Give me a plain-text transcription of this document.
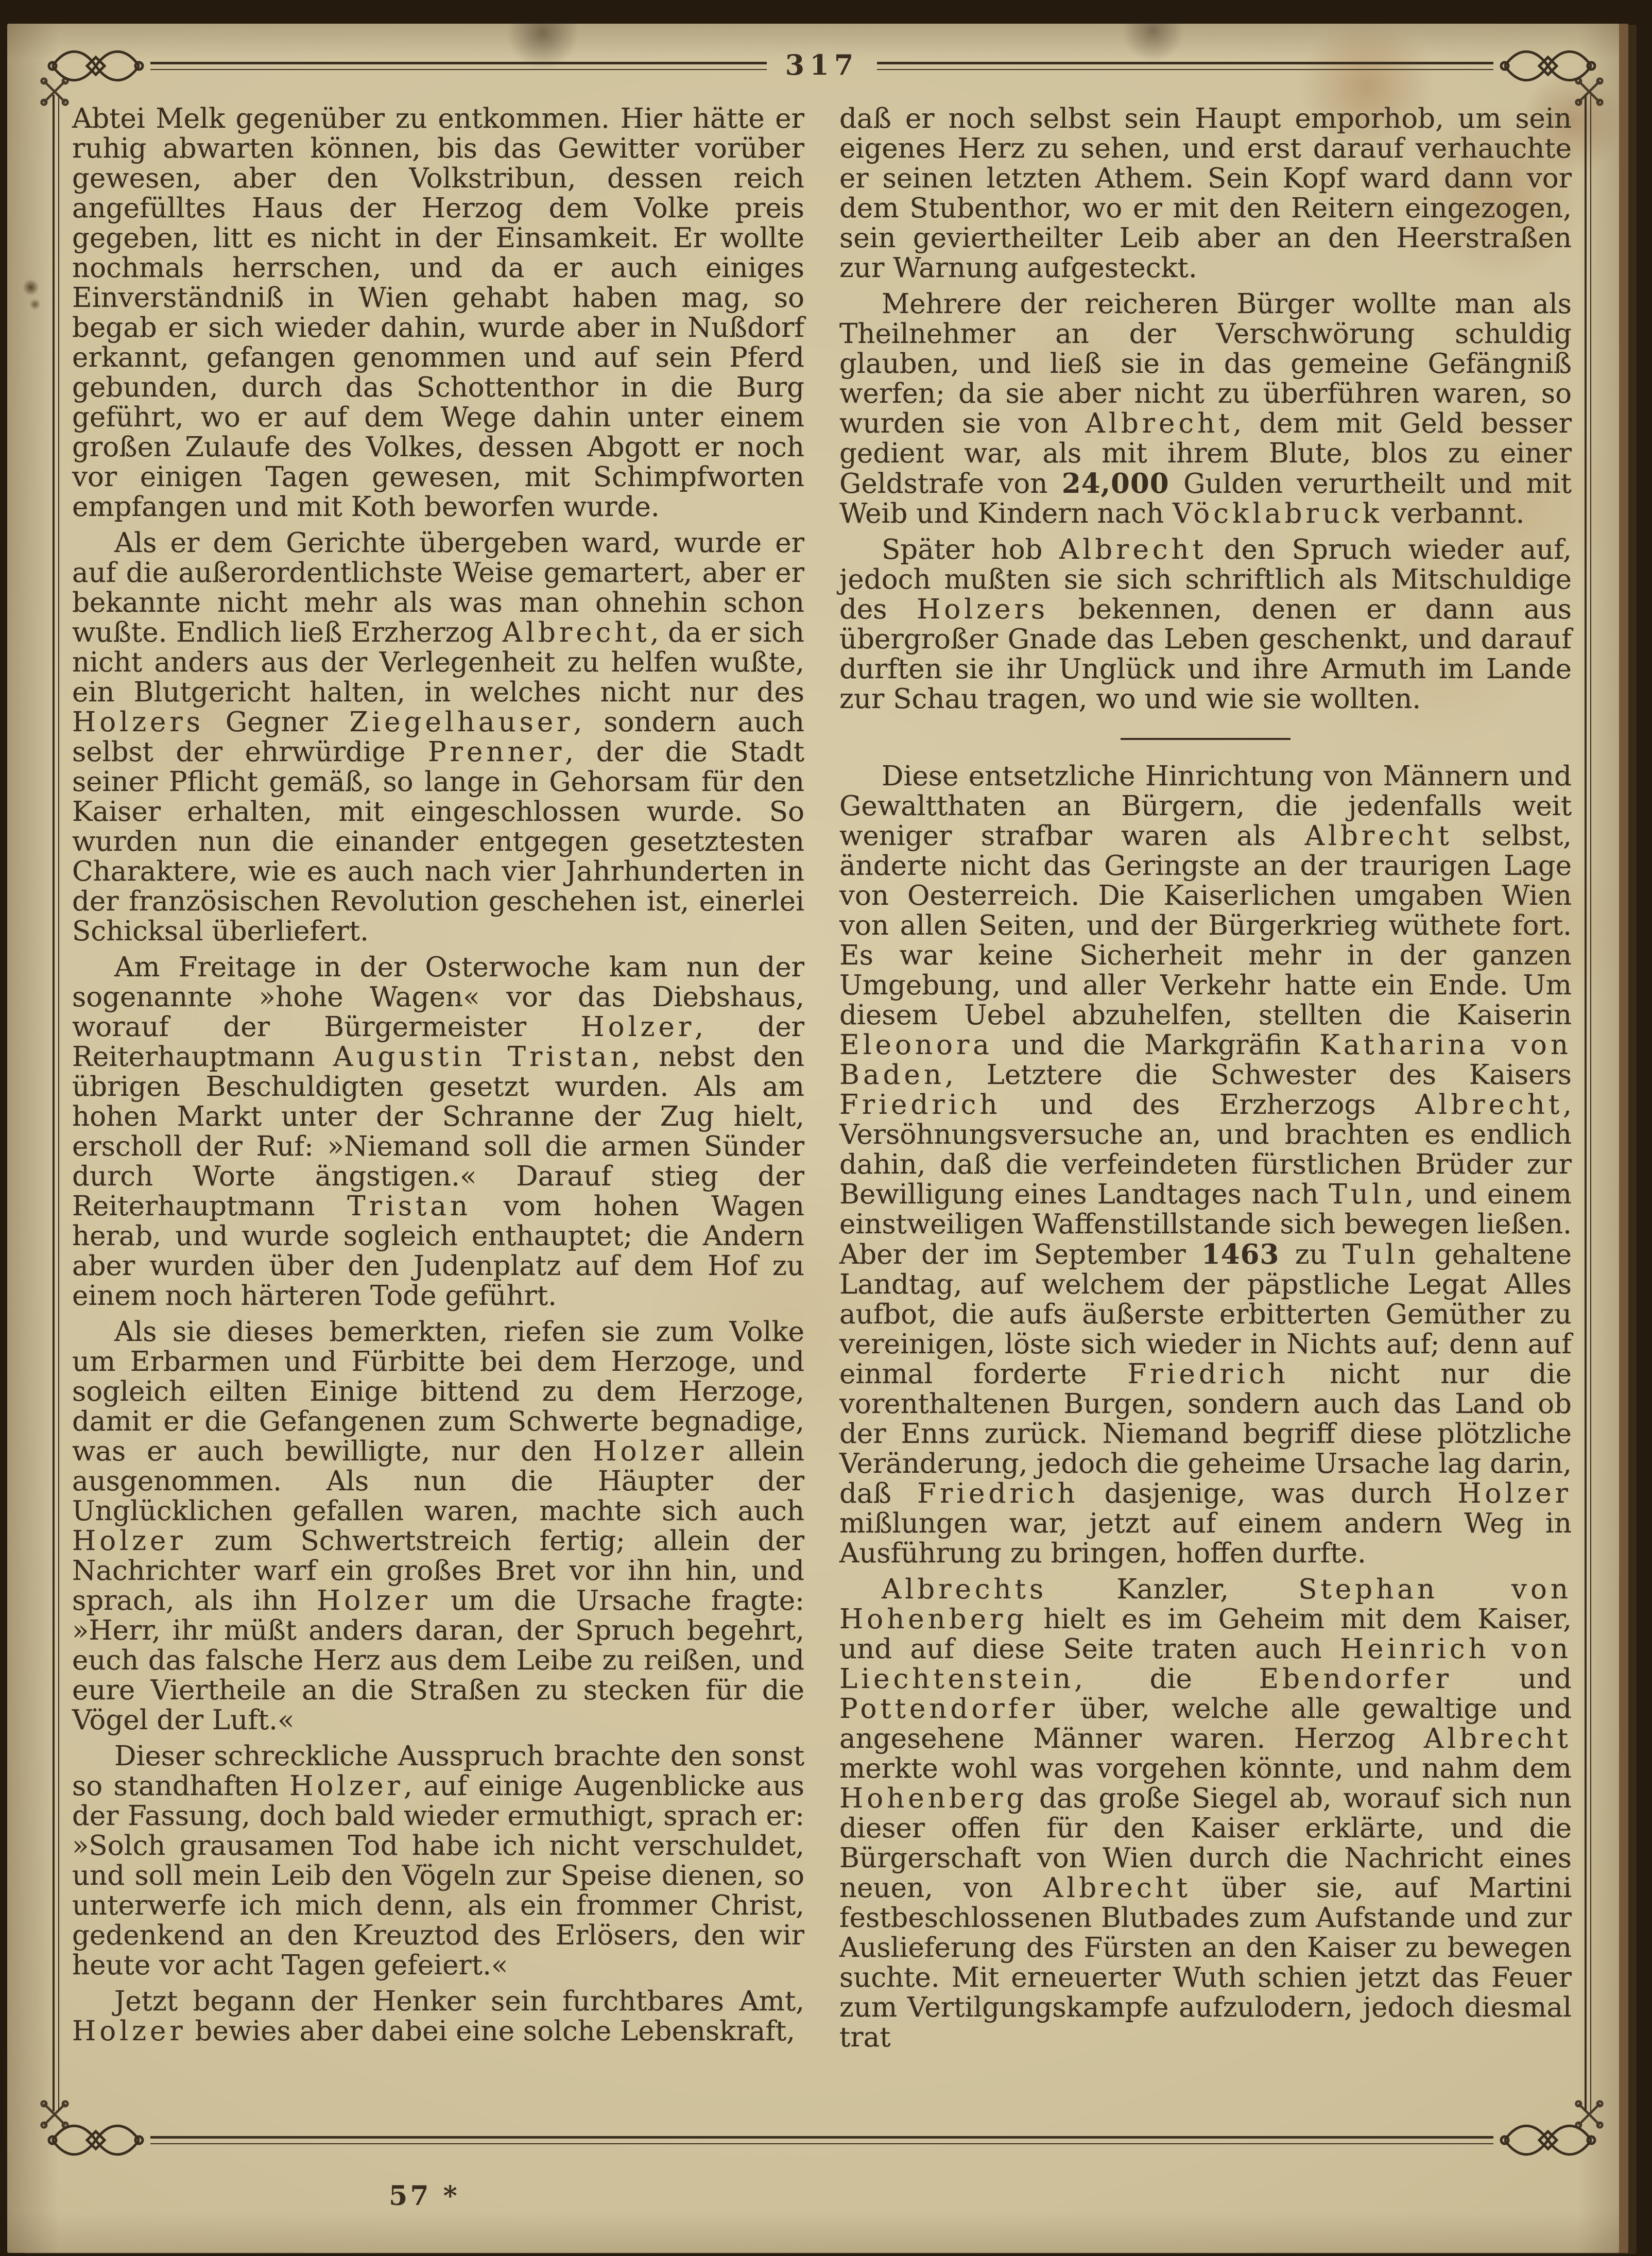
317

Abtei Melk gegenüber zu entkommen. Hier hätte er ruhig abwarten können, bis das Gewitter vorüber gewesen, aber den Volkstribun, dessen reich angefülltes Haus der Herzog dem Volke preis gegeben, litt es nicht in der Einsamkeit. Er wollte nochmals herrschen, und da er auch einiges Einverständniß in Wien gehabt haben mag, so begab er sich wieder dahin, wurde aber in Nußdorf erkannt, gefangen genommen und auf sein Pferd gebunden, durch das Schottenthor in die Burg geführt, wo er auf dem Wege dahin unter einem großen Zulaufe des Volkes, dessen Abgott er noch vor einigen Tagen gewesen, mit Schimpfworten empfangen und mit Koth beworfen wurde.

Als er dem Gerichte übergeben ward, wurde er auf die außerordentlichste Weise gemartert, aber er bekannte nicht mehr als was man ohnehin schon wußte. Endlich ließ Erzherzog Albrecht, da er sich nicht anders aus der Verlegenheit zu helfen wußte, ein Blutgericht halten, in welches nicht nur des Holzers Gegner Ziegelhauser, sondern auch selbst der ehrwürdige Prenner, der die Stadt seiner Pflicht gemäß, so lange in Gehorsam für den Kaiser erhalten, mit eingeschlossen wurde. So wurden nun die einander entgegen gesetztesten Charaktere, wie es auch nach vier Jahrhunderten in der französischen Revolution geschehen ist, einerlei Schicksal überliefert.

Am Freitage in der Osterwoche kam nun der sogenannte »hohe Wagen« vor das Diebshaus, worauf der Bürgermeister Holzer, der Reiterhauptmann Augustin Tristan, nebst den übrigen Beschuldigten gesetzt wurden. Als am hohen Markt unter der Schranne der Zug hielt, erscholl der Ruf: »Niemand soll die armen Sünder durch Worte ängstigen.« Darauf stieg der Reiterhauptmann Tristan vom hohen Wagen herab, und wurde sogleich enthauptet; die Andern aber wurden über den Judenplatz auf dem Hof zu einem noch härteren Tode geführt.

Als sie dieses bemerkten, riefen sie zum Volke um Erbarmen und Fürbitte bei dem Herzoge, und sogleich eilten Einige bittend zu dem Herzoge, damit er die Gefangenen zum Schwerte begnadige, was er auch bewilligte, nur den Holzer allein ausgenommen. Als nun die Häupter der Unglücklichen gefallen waren, machte sich auch Holzer zum Schwertstreich fertig; allein der Nachrichter warf ein großes Bret vor ihn hin, und sprach, als ihn Holzer um die Ursache fragte: »Herr, ihr müßt anders daran, der Spruch begehrt, euch das falsche Herz aus dem Leibe zu reißen, und eure Viertheile an die Straßen zu stecken für die Vögel der Luft.«

Dieser schreckliche Ausspruch brachte den sonst so standhaften Holzer, auf einige Augenblicke aus der Fassung, doch bald wieder ermuthigt, sprach er: »Solch grausamen Tod habe ich nicht verschuldet, und soll mein Leib den Vögeln zur Speise dienen, so unterwerfe ich mich denn, als ein frommer Christ, gedenkend an den Kreuztod des Erlösers, den wir heute vor acht Tagen gefeiert.«

Jetzt begann der Henker sein furchtbares Amt, Holzer bewies aber dabei eine solche Lebenskraft,

daß er noch selbst sein Haupt emporhob, um sein eigenes Herz zu sehen, und erst darauf verhauchte er seinen letzten Athem. Sein Kopf ward dann vor dem Stubenthor, wo er mit den Reitern eingezogen, sein geviertheilter Leib aber an den Heerstraßen zur Warnung aufgesteckt.

Mehrere der reicheren Bürger wollte man als Theilnehmer an der Verschwörung schuldig glauben, und ließ sie in das gemeine Gefängniß werfen; da sie aber nicht zu überführen waren, so wurden sie von Albrecht, dem mit Geld besser gedient war, als mit ihrem Blute, blos zu einer Geldstrafe von 24,000 Gulden verurtheilt und mit Weib und Kindern nach Vöcklabruck verbannt.

Später hob Albrecht den Spruch wieder auf, jedoch mußten sie sich schriftlich als Mitschuldige des Holzers bekennen, denen er dann aus übergroßer Gnade das Leben geschenkt, und darauf durften sie ihr Unglück und ihre Armuth im Lande zur Schau tragen, wo und wie sie wollten.

Diese entsetzliche Hinrichtung von Männern und Gewaltthaten an Bürgern, die jedenfalls weit weniger strafbar waren als Albrecht selbst, änderte nicht das Geringste an der traurigen Lage von Oesterreich. Die Kaiserlichen umgaben Wien von allen Seiten, und der Bürgerkrieg wüthete fort. Es war keine Sicherheit mehr in der ganzen Umgebung, und aller Verkehr hatte ein Ende. Um diesem Uebel abzuhelfen, stellten die Kaiserin Eleonora und die Markgräfin Katharina von Baden, Letztere die Schwester des Kaisers Friedrich und des Erzherzogs Albrecht, Versöhnungsversuche an, und brachten es endlich dahin, daß die verfeindeten fürstlichen Brüder zur Bewilligung eines Landtages nach Tuln, und einem einstweiligen Waffenstillstande sich bewegen ließen. Aber der im September 1463 zu Tuln gehaltene Landtag, auf welchem der päpstliche Legat Alles aufbot, die aufs äußerste erbitterten Gemüther zu vereinigen, löste sich wieder in Nichts auf; denn auf einmal forderte Friedrich nicht nur die vorenthaltenen Burgen, sondern auch das Land ob der Enns zurück. Niemand begriff diese plötzliche Veränderung, jedoch die geheime Ursache lag darin, daß Friedrich dasjenige, was durch Holzer mißlungen war, jetzt auf einem andern Weg in Ausführung zu bringen, hoffen durfte.

Albrechts Kanzler, Stephan von Hohenberg hielt es im Geheim mit dem Kaiser, und auf diese Seite traten auch Heinrich von Liechtenstein, die Ebendorfer und Pottendorfer über, welche alle gewaltige und angesehene Männer waren. Herzog Albrecht merkte wohl was vorgehen könnte, und nahm dem Hohenberg das große Siegel ab, worauf sich nun dieser offen für den Kaiser erklärte, und die Bürgerschaft von Wien durch die Nachricht eines neuen, von Albrecht über sie, auf Martini festbeschlossenen Blutbades zum Aufstande und zur Auslieferung des Fürsten an den Kaiser zu bewegen suchte. Mit erneuerter Wuth schien jetzt das Feuer zum Vertilgungskampfe aufzulodern, jedoch diesmal trat

57 *
